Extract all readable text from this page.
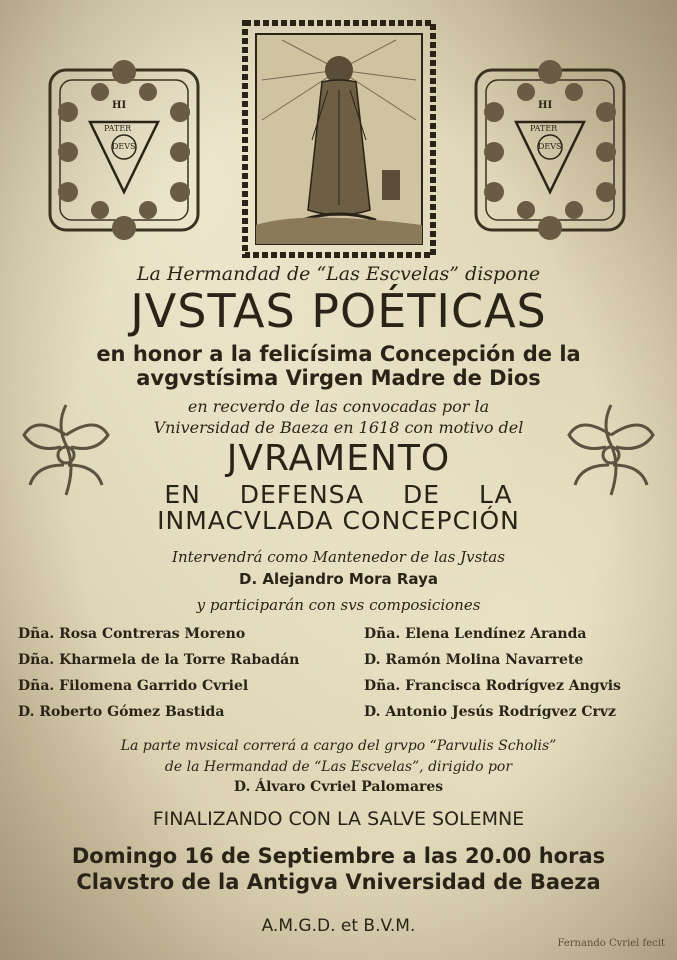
HI
PATER
DEVS
HI
PATER
DEVS
La Hermandad de “Las Escvelas” dispone
JVSTAS POÉTICAS
en honor a la felicísima Concepción de la
avgvstísima Virgen Madre de Dios
en recverdo de las convocadas por la
Vniversidad de Baeza en 1618 con motivo del
JVRAMENTO
EN DEFENSA DE LA
INMACVLADA CONCEPCIÓN
Intervendrá como Mantenedor de las Jvstas
D. Alejandro Mora Raya
y participarán con svs composiciones
Dña. Rosa Contreras Moreno
Dña. Kharmela de la Torre Rabadán
Dña. Filomena Garrido Cvriel
D. Roberto Gómez Bastida
Dña. Elena Lendínez Aranda
D. Ramón Molina Navarrete
Dña. Francisca Rodrígvez Angvis
D. Antonio Jesús Rodrígvez Crvz
La parte mvsical correrá a cargo del grvpo “Parvulis Scholis”
de la Hermandad de “Las Escvelas”, dirigido por
D. Álvaro Cvriel Palomares
FINALIZANDO CON LA SALVE SOLEMNE
Domingo 16 de Septiembre a las 20.00 horas
Clavstro de la Antigva Vniversidad de Baeza
A.M.G.D. et B.V.M.
Fernando Cvriel fecit
